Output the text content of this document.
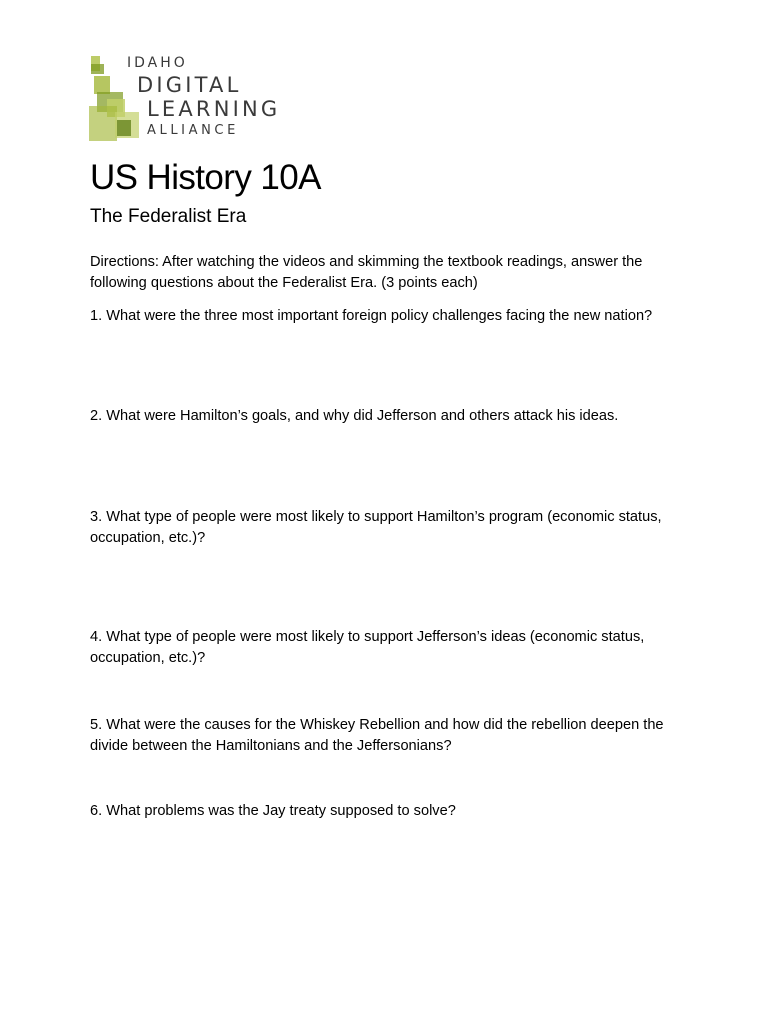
IDAHO
DIGITAL
LEARNING
ALLIANCE
US History 10A
The Federalist Era

Directions: After watching the videos and skimming the textbook readings, answer the following questions about the Federalist Era. (3 points each)

1. What were the three most important foreign policy challenges facing the new nation?

2. What were Hamilton’s goals, and why did Jefferson and others attack his ideas.

3. What type of people were most likely to support Hamilton’s program (economic status, occupation, etc.)?

4. What type of people were most likely to support Jefferson’s ideas (economic status, occupation, etc.)?

5. What were the causes for the Whiskey Rebellion and how did the rebellion deepen the divide between the Hamiltonians and the Jeffersonians?

6. What problems was the Jay treaty supposed to solve?
